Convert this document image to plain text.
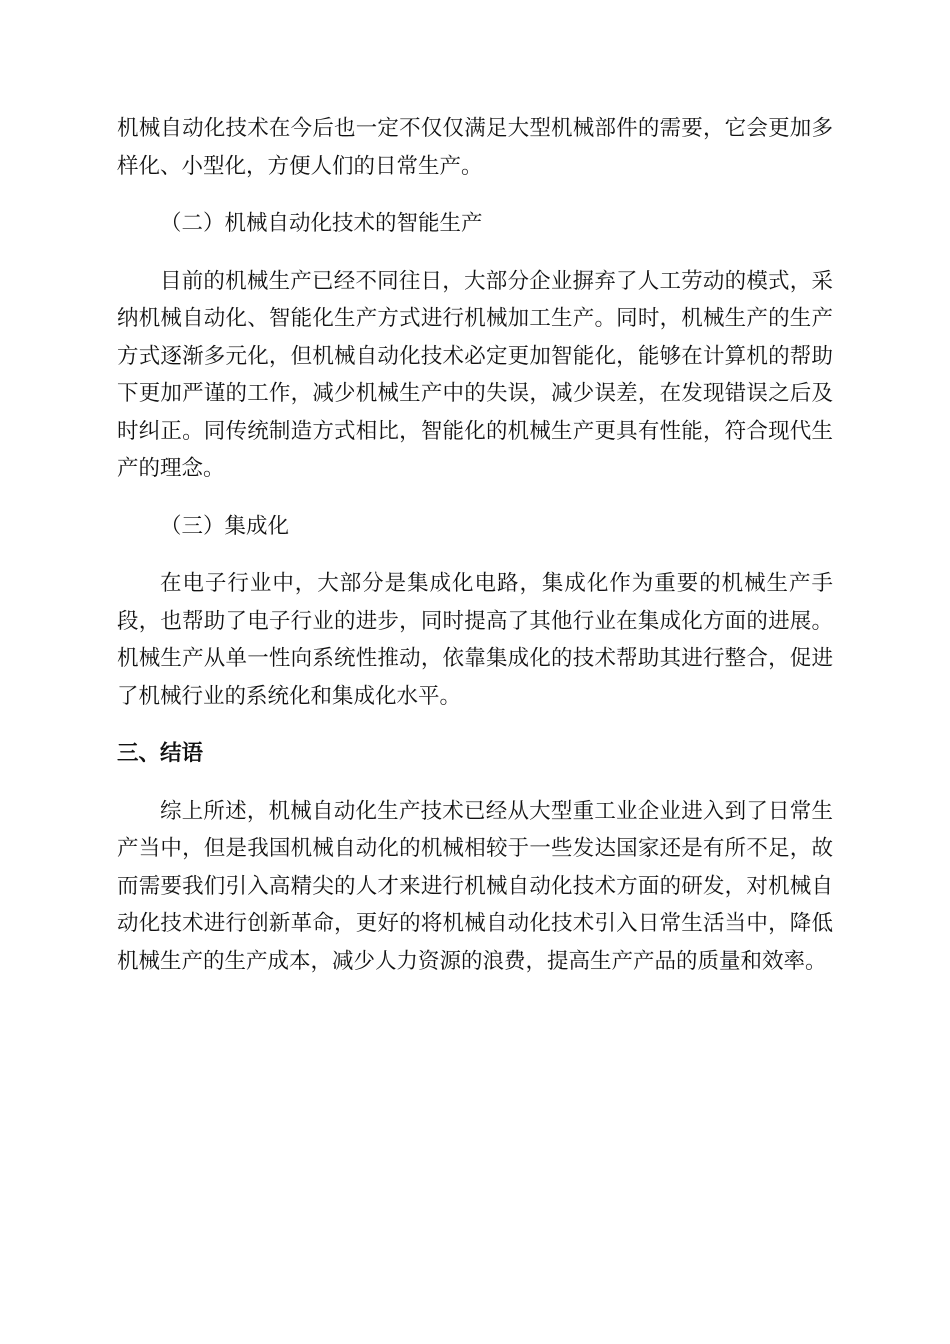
机械自动化技术在今后也一定不仅仅满足大型机械部件的需要，它会更加多样化、小型化，方便人们的日常生产。

（二）机械自动化技术的智能生产

目前的机械生产已经不同往日，大部分企业摒弃了人工劳动的模式，采纳机械自动化、智能化生产方式进行机械加工生产。同时，机械生产的生产方式逐渐多元化，但机械自动化技术必定更加智能化，能够在计算机的帮助下更加严谨的工作，减少机械生产中的失误，减少误差，在发现错误之后及时纠正。同传统制造方式相比，智能化的机械生产更具有性能，符合现代生产的理念。

（三）集成化

在电子行业中，大部分是集成化电路，集成化作为重要的机械生产手段，也帮助了电子行业的进步，同时提高了其他行业在集成化方面的进展。机械生产从单一性向系统性推动，依靠集成化的技术帮助其进行整合，促进了机械行业的系统化和集成化水平。

三、结语

综上所述，机械自动化生产技术已经从大型重工业企业进入到了日常生产当中，但是我国机械自动化的机械相较于一些发达国家还是有所不足，故而需要我们引入高精尖的人才来进行机械自动化技术方面的研发，对机械自动化技术进行创新革命，更好的将机械自动化技术引入日常生活当中，降低机械生产的生产成本，减少人力资源的浪费，提高生产产品的质量和效率。
